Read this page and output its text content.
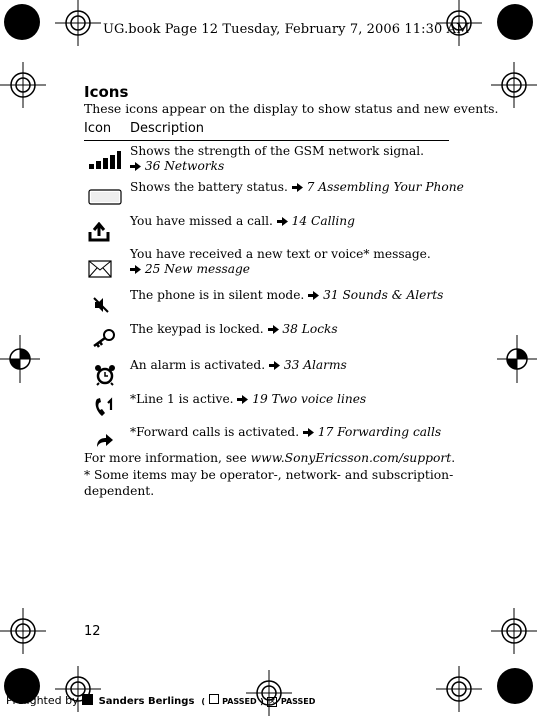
UG.book Page 12 Tuesday, February 7, 2006 11:30 AM
Icons
These icons appear on the display to show status and new events.
Icon Description
Shows the strength of the GSM network signal.
36 Networks
Shows the battery status. 7 Assembling Your Phone
You have missed a call. 14 Calling
You have received a new text or voice* message.
25 New message
The phone is in silent mode. 31 Sounds & Alerts
The keypad is locked. 38 Locks
An alarm is activated. 33 Alarms
*Line 1 is active. 19 Two voice lines
*Forward calls is activated. 17 Forwarding calls
For more information, see www.SonyEricsson.com/support.
* Some items may be operator-, network- and subscription-
dependent.
12
Prelighted by Sanders Berlings ( PASSED ) ✕ PASSED
